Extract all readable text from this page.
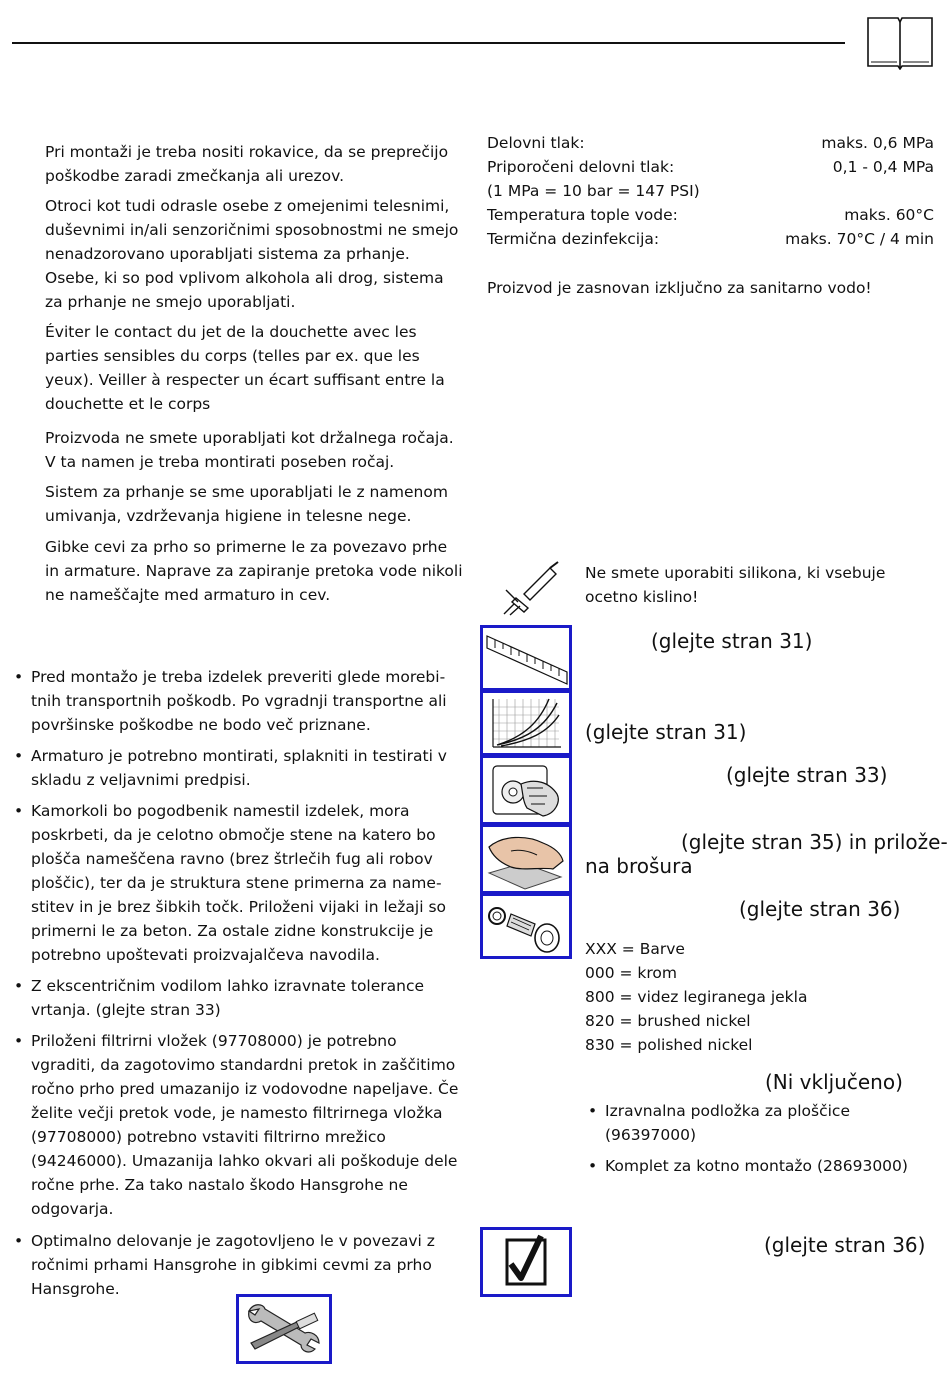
Pri montaži je treba nositi rokavice, da se preprečijo poškodbe zaradi zmečkanja ali urezov.

Otroci kot tudi odrasle osebe z omejenimi telesnimi, duševnimi in/ali senzoričnimi sposobnostmi ne smejo nenadzorovano uporabljati sistema za prhanje. Osebe, ki so pod vplivom alkohola ali drog, sistema za prhanje ne smejo uporabljati.

Éviter le contact du jet de la douchette avec les parties sensibles du corps (telles par ex. que les yeux). Veiller à respecter un écart suffisant entre la douchette et le corps

Proizvoda ne smete uporabljati kot držalnega ročaja. V ta namen je treba montirati poseben ročaj.

Sistem za prhanje se sme uporabljati le z namenom umivanja, vzdrževanja higiene in telesne nege.

Gibke cevi za prho so primerne le za povezavo prhe in armature. Naprave za zapiranje pretoka vode nikoli ne nameščajte med armaturo in cev.

• Pred montažo je treba izdelek preveriti glede morebitnih transportnih poškodb. Po vgradnji transportne ali površinske poškodbe ne bodo več priznane.
• Armaturo je potrebno montirati, splakniti in testirati v skladu z veljavnimi predpisi.
• Kamorkoli bo pogodbenik namestil izdelek, mora poskrbeti, da je celotno območje stene na katero bo plošča nameščena ravno (brez štrlečih fug ali robov ploščic), ter da je struktura stene primerna za namestitev in je brez šibkih točk. Priloženi vijaki in ležaji so primerni le za beton. Za ostale zidne konstrukcije je potrebno upoštevati proizvajalčeva navodila.
• Z ekscentričnim vodilom lahko izravnate tolerance vrtanja. (glejte stran 33)
• Priloženi filtrirni vložek (97708000) je potrebno vgraditi, da zagotovimo standardni pretok in zaščitimo ročno prho pred umazanijo iz vodovodne napeljave. Če želite večji pretok vode, je namesto filtrirnega vložka (97708000) potrebno vstaviti filtrirno mrežico (94246000). Umazanija lahko okvari ali poškoduje dele ročne prhe. Za tako nastalo škodo Hansgrohe ne odgovarja.
• Optimalno delovanje je zagotovljeno le v povezavi z ročnimi prhami Hansgrohe in gibkimi cevmi za prho Hansgrohe.
Delovni tlak:	maks. 0,6 MPa
Priporočeni delovni tlak:	0,1 - 0,4 MPa
(1 MPa = 10 bar = 147 PSI)
Temperatura tople vode:	maks. 60°C
Termična dezinfekcija:	maks. 70°C / 4 min
Proizvod je zasnovan izključno za sanitarno vodo!
Ne smete uporabiti silikona, ki vsebuje ocetno kislino!
(glejte stran 31)
(glejte stran 31)
(glejte stran 33)
(glejte stran 35) in prilože-
na brošura
(glejte stran 36)
XXX = Barve
000 = krom
800 = videz legiranega jekla
820 = brushed nickel
830 = polished nickel
(Ni vključeno)
• Izravnalna podložka za ploščice (96397000)
• Komplet za kotno montažo (28693000)
(glejte stran 36)
